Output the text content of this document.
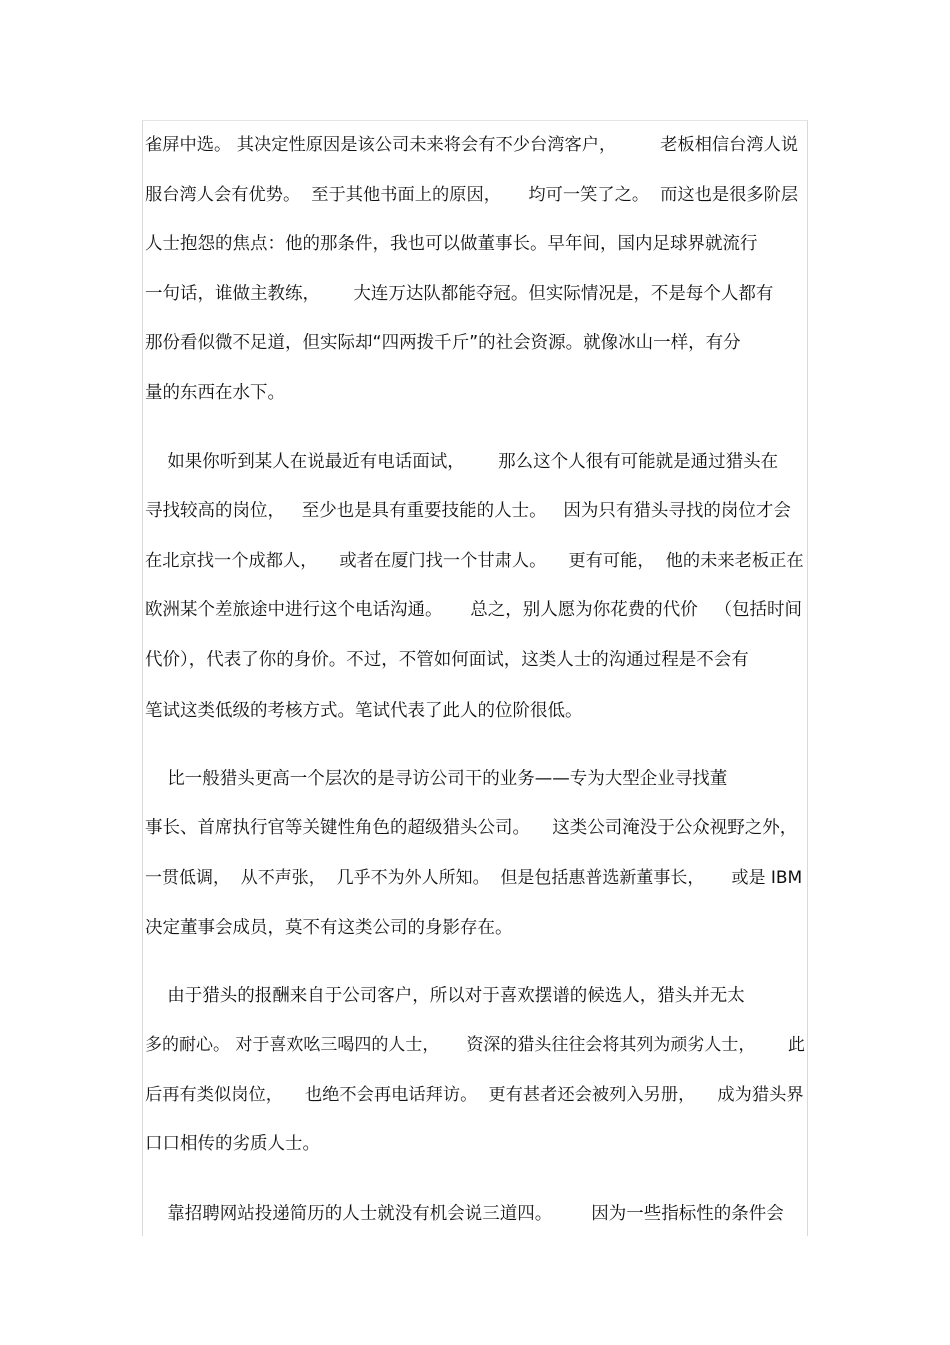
雀屏中选。 其决定性原因是该公司未来将会有不少台湾客户，        老板相信台湾人说
服台湾人会有优势。  至于其他书面上的原因，     均可一笑了之。  而这也是很多阶层
人士抱怨的焦点：他的那条件，我也可以做董事长。早年间，国内足球界就流行
一句话，谁做主教练，      大连万达队都能夺冠。但实际情况是，不是每个人都有
那份看似微不足道，但实际却“四两拨千斤”的社会资源。就像冰山一样，有分
量的东西在水下。
如果你听到某人在说最近有电话面试，      那么这个人很有可能就是通过猎头在
寻找较高的岗位，   至少也是具有重要技能的人士。   因为只有猎头寻找的岗位才会
在北京找一个成都人，    或者在厦门找一个甘肃人。    更有可能，  他的未来老板正在
欧洲某个差旅途中进行这个电话沟通。     总之，别人愿为你花费的代价   （包括时间
代价），代表了你的身价。不过，不管如何面试，这类人士的沟通过程是不会有
笔试这类低级的考核方式。笔试代表了此人的位阶很低。
比一般猎头更高一个层次的是寻访公司干的业务——专为大型企业寻找董
事长、首席执行官等关键性角色的超级猎头公司。    这类公司淹没于公众视野之外，
一贯低调，  从不声张，  几乎不为外人所知。  但是包括惠普选新董事长，     或是 IBM
决定董事会成员，莫不有这类公司的身影存在。
由于猎头的报酬来自于公司客户，所以对于喜欢摆谱的候选人，猎头并无太
多的耐心。 对于喜欢吆三喝四的人士，     资深的猎头往往会将其列为顽劣人士，      此
后再有类似岗位，    也绝不会再电话拜访。  更有甚者还会被列入另册，    成为猎头界
口口相传的劣质人士。
靠招聘网站投递简历的人士就没有机会说三道四。       因为一些指标性的条件会
